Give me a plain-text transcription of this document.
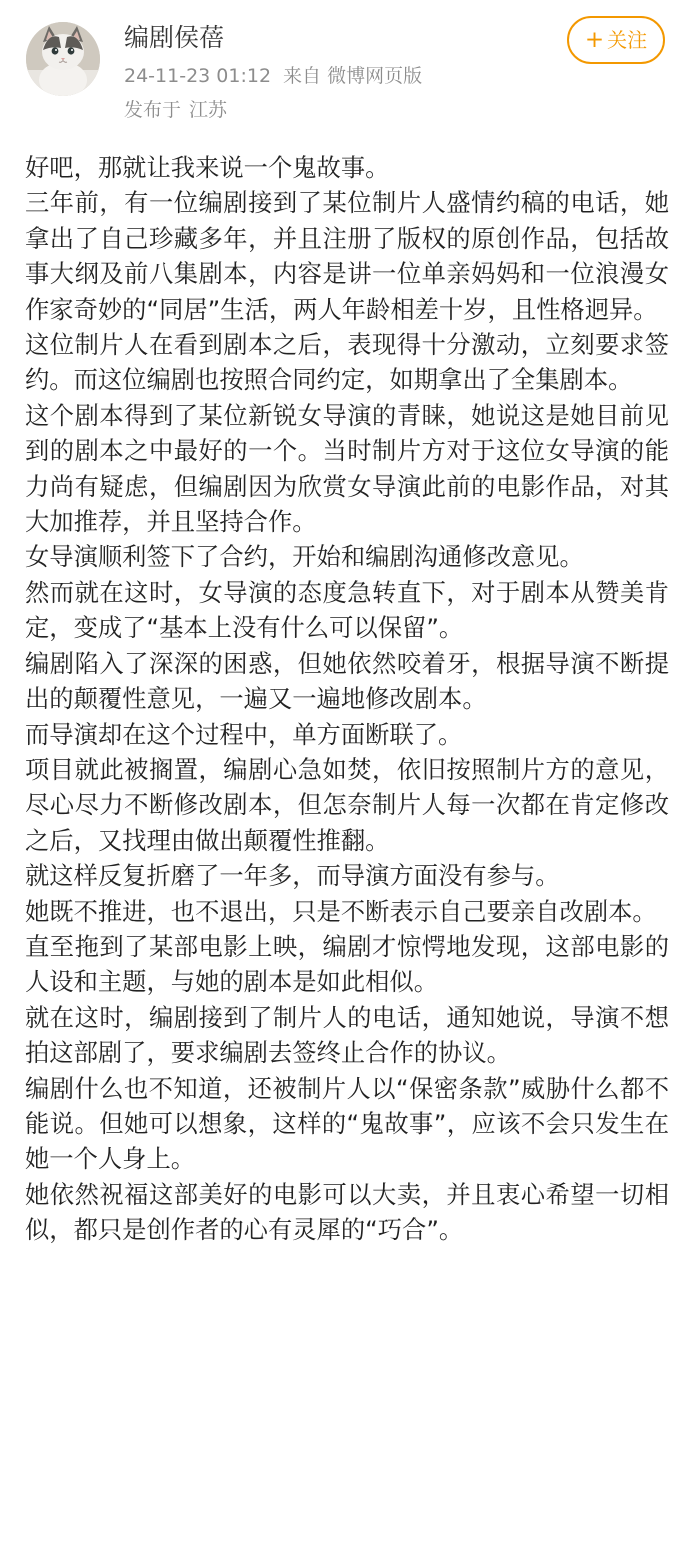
编剧侯蓓
24-11-23 01:12 来自 微博网页版
发布于 江苏
+ 关注

好吧，那就让我来说一个鬼故事。

三年前，有一位编剧接到了某位制片人盛情约稿的电话，她拿出了自己珍藏多年，并且注册了版权的原创作品，包括故事大纲及前八集剧本，内容是讲一位单亲妈妈和一位浪漫女作家奇妙的“同居”生活，两人年龄相差十岁，且性格迥异。

这位制片人在看到剧本之后，表现得十分激动，立刻要求签约。而这位编剧也按照合同约定，如期拿出了全集剧本。

这个剧本得到了某位新锐女导演的青睐，她说这是她目前见到的剧本之中最好的一个。当时制片方对于这位女导演的能力尚有疑虑，但编剧因为欣赏女导演此前的电影作品，对其大加推荐，并且坚持合作。

女导演顺利签下了合约，开始和编剧沟通修改意见。

然而就在这时，女导演的态度急转直下，对于剧本从赞美肯定，变成了“基本上没有什么可以保留”。

编剧陷入了深深的困惑，但她依然咬着牙，根据导演不断提出的颠覆性意见，一遍又一遍地修改剧本。

而导演却在这个过程中，单方面断联了。

项目就此被搁置，编剧心急如焚，依旧按照制片方的意见，尽心尽力不断修改剧本，但怎奈制片人每一次都在肯定修改之后，又找理由做出颠覆性推翻。

就这样反复折磨了一年多，而导演方面没有参与。

她既不推进，也不退出，只是不断表示自己要亲自改剧本。

直至拖到了某部电影上映，编剧才惊愕地发现，这部电影的人设和主题，与她的剧本是如此相似。

就在这时，编剧接到了制片人的电话，通知她说，导演不想拍这部剧了，要求编剧去签终止合作的协议。

编剧什么也不知道，还被制片人以“保密条款”威胁什么都不能说。但她可以想象，这样的“鬼故事”，应该不会只发生在她一个人身上。

她依然祝福这部美好的电影可以大卖，并且衷心希望一切相似，都只是创作者的心有灵犀的“巧合”。
